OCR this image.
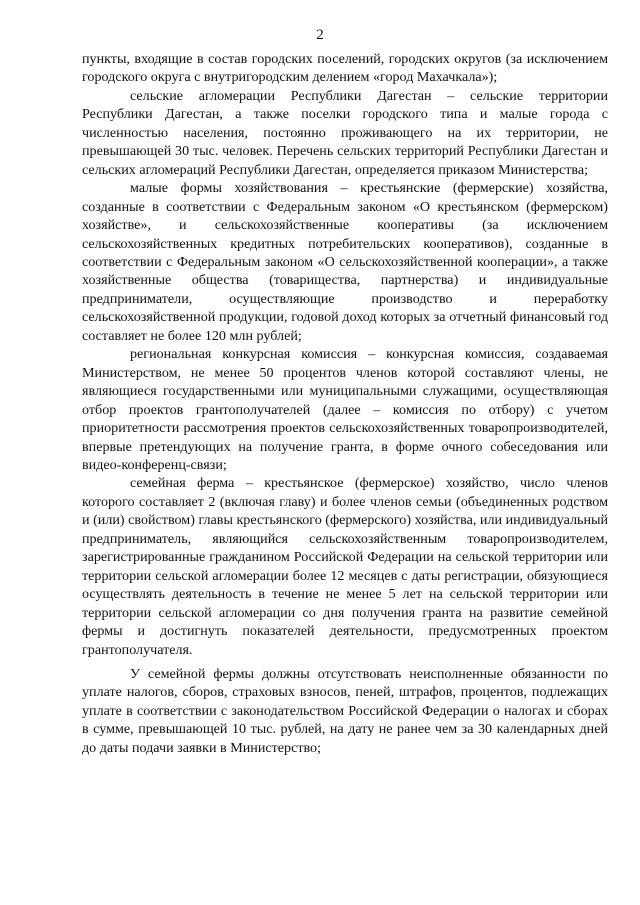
2

пункты, входящие в состав городских поселений, городских округов (за исключением городского округа с внутригородским делением «город Махачкала»);

сельские агломерации Республики Дагестан – сельские территории Республики Дагестан, а также поселки городского типа и малые города с численностью населения, постоянно проживающего на их территории, не превышающей 30 тыс. человек. Перечень сельских территорий Республики Дагестан и сельских агломераций Республики Дагестан, определяется приказом Министерства;

малые формы хозяйствования – крестьянские (фермерские) хозяйства, созданные в соответствии с Федеральным законом «О крестьянском (фермерском) хозяйстве», и сельскохозяйственные кооперативы (за исключением сельскохозяйственных кредитных потребительских кооперативов), созданные в соответствии с Федеральным законом «О сельскохозяйственной кооперации», а также хозяйственные общества (товарищества, партнерства) и индивидуальные предприниматели, осуществляющие производство и переработку сельскохозяйственной продукции, годовой доход которых за отчетный финансовый год составляет не более 120 млн рублей;

региональная конкурсная комиссия – конкурсная комиссия, создаваемая Министерством, не менее 50 процентов членов которой составляют члены, не являющиеся государственными или муниципальными служащими, осуществляющая отбор проектов грантополучателей (далее – комиссия по отбору) с учетом приоритетности рассмотрения проектов сельскохозяйственных товаропроизводителей, впервые претендующих на получение гранта, в форме очного собеседования или видео-конференц-связи;

семейная ферма – крестьянское (фермерское) хозяйство, число членов которого составляет 2 (включая главу) и более членов семьи (объединенных родством и (или) свойством) главы крестьянского (фермерского) хозяйства, или индивидуальный предприниматель, являющийся сельскохозяйственным товаропроизводителем, зарегистрированные гражданином Российской Федерации на сельской территории или территории сельской агломерации более 12 месяцев с даты регистрации, обязующиеся осуществлять деятельность в течение не менее 5 лет на сельской территории или территории сельской агломерации со дня получения гранта на развитие семейной фермы и достигнуть показателей деятельности, предусмотренных проектом грантополучателя.

У семейной фермы должны отсутствовать неисполненные обязанности по уплате налогов, сборов, страховых взносов, пеней, штрафов, процентов, подлежащих уплате в соответствии с законодательством Российской Федерации о налогах и сборах в сумме, превышающей 10 тыс. рублей, на дату не ранее чем за 30 календарных дней до даты подачи заявки в Министерство;
